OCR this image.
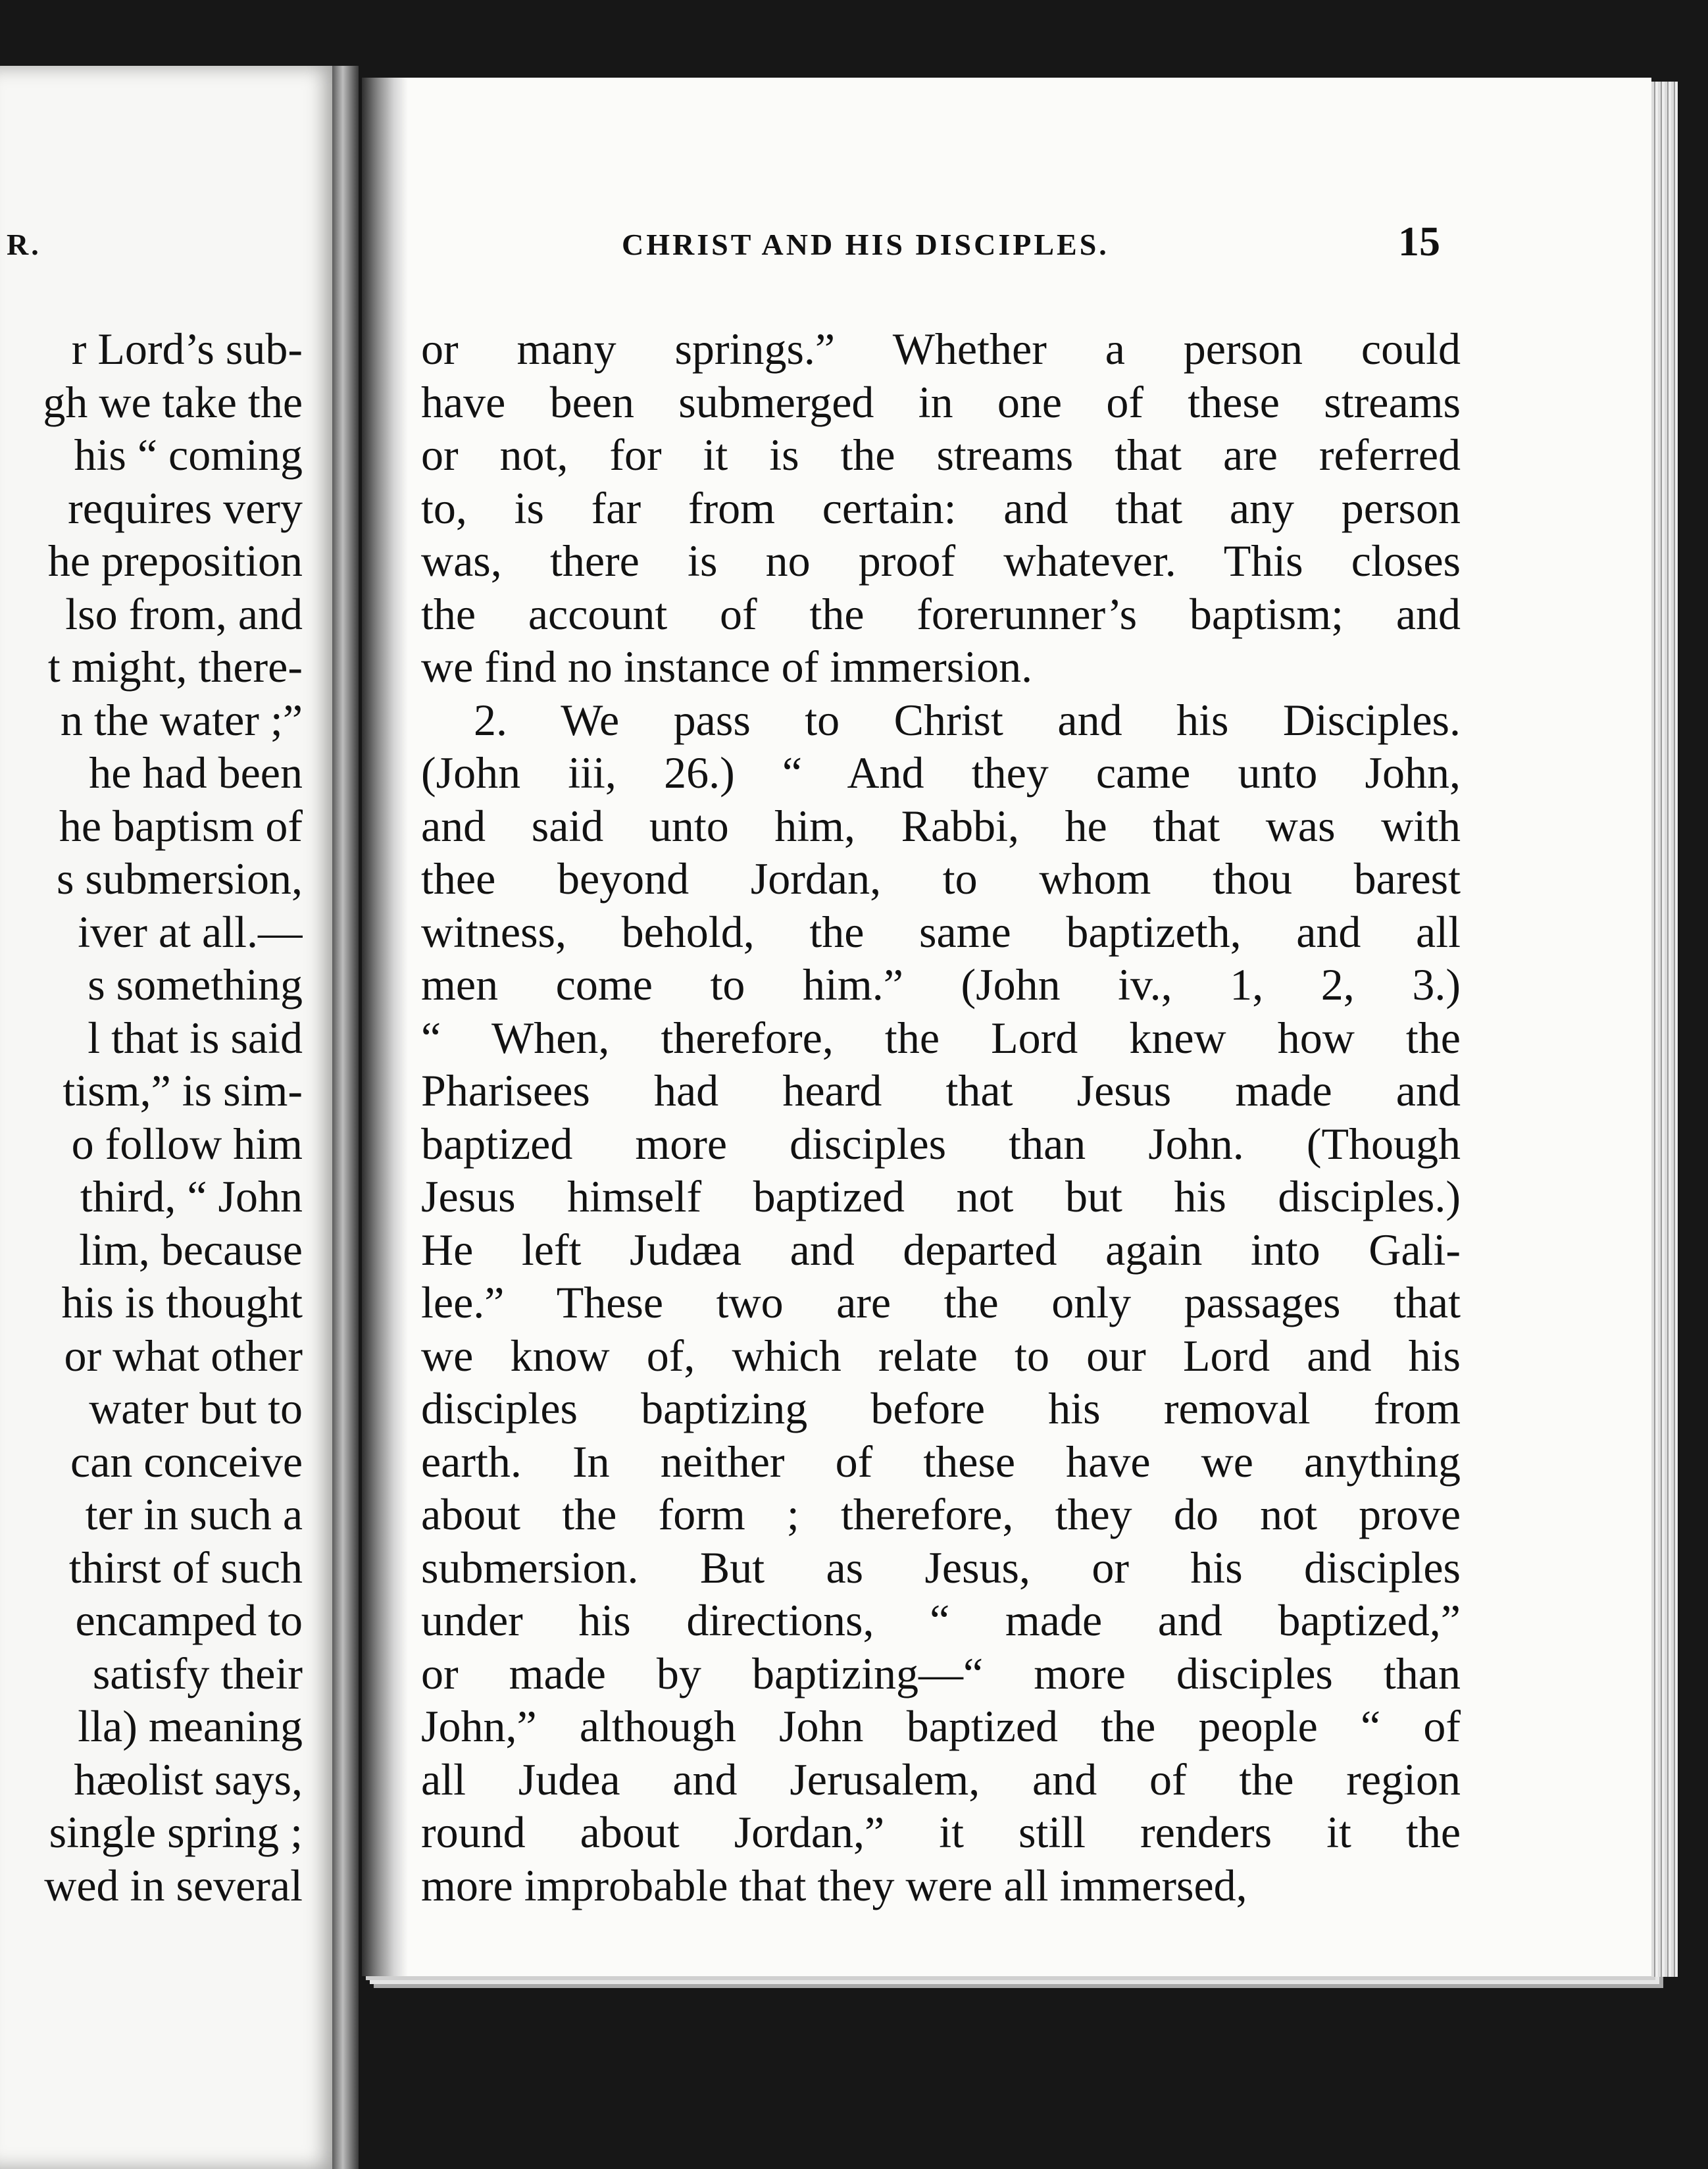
R.
r Lord’s sub-
gh we take the
his “ coming
requires very
he preposition
lso from, and
t might, there-
n the water ;”
he had been
he baptism of
s submersion,
iver at all.—
s something
l that is said
tism,” is sim-
o follow him
third, “ John
lim, because
his is thought
or what other
water but to
can conceive
ter in such a
thirst of such
encamped to
satisfy their
lla) meaning
hæolist says,
single spring ;
wed in several
CHRIST AND HIS DISCIPLES.	15
or many springs.” Whether a person could
have been submerged in one of these streams
or not, for it is the streams that are referred
to, is far from certain: and that any person
was, there is no proof whatever. This closes
the account of the forerunner’s baptism; and
we find no instance of immersion.
2. We pass to Christ and his Disciples.
(John iii, 26.) “ And they came unto John,
and said unto him, Rabbi, he that was with
thee beyond Jordan, to whom thou barest
witness, behold, the same baptizeth, and all
men come to him.” (John iv., 1, 2, 3.)
“ When, therefore, the Lord knew how the
Pharisees had heard that Jesus made and
baptized more disciples than John. (Though
Jesus himself baptized not but his disciples.)
He left Judæa and departed again into Gali-
lee.” These two are the only passages that
we know of, which relate to our Lord and his
disciples baptizing before his removal from
earth. In neither of these have we anything
about the form ; therefore, they do not prove
submersion. But as Jesus, or his disciples
under his directions, “ made and baptized,”
or made by baptizing—“ more disciples than
John,” although John baptized the people “ of
all Judea and Jerusalem, and of the region
round about Jordan,” it still renders it the
more improbable that they were all immersed,
